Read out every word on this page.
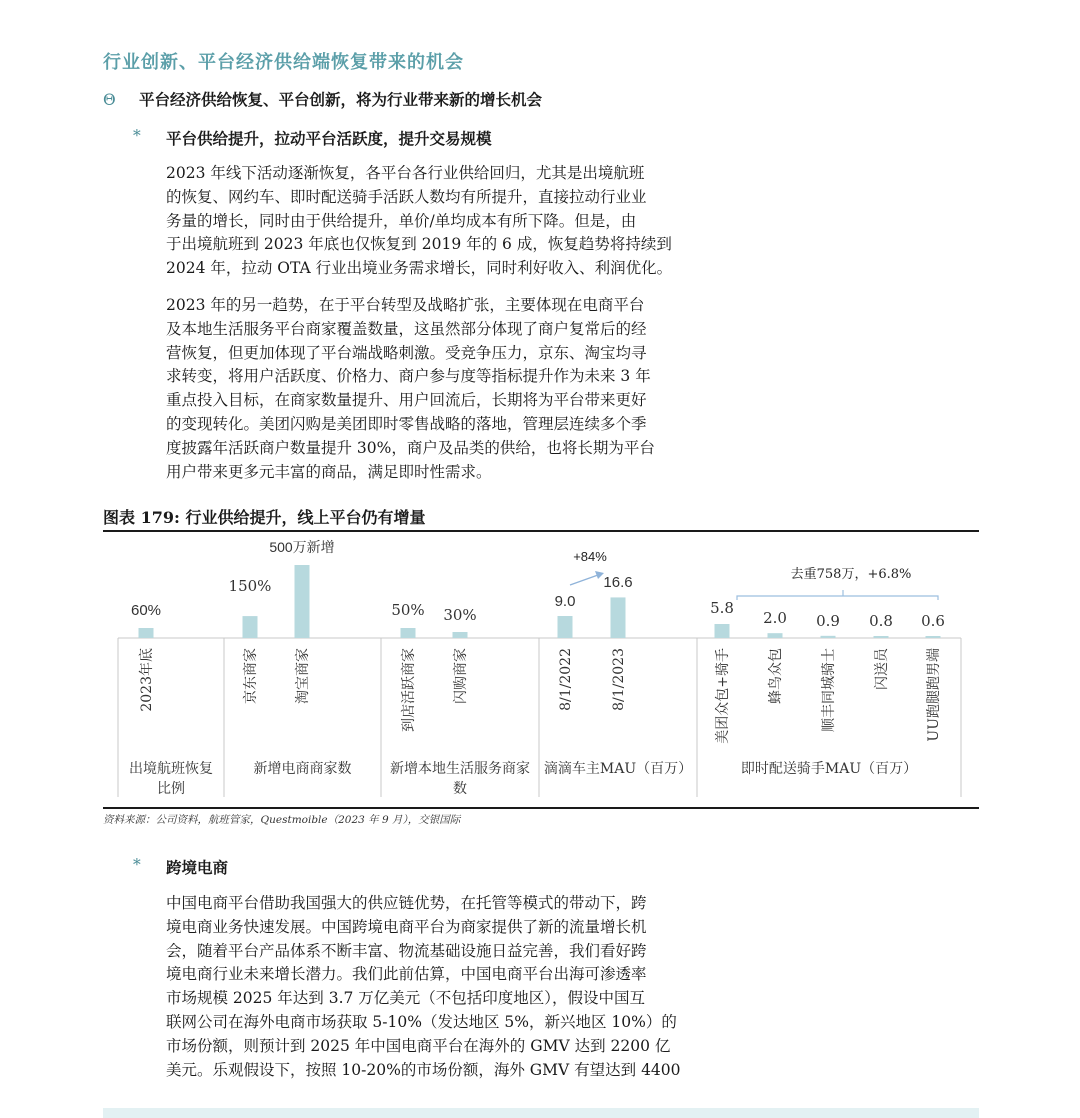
行业创新、平台经济供给端恢复带来的机会
Θ 平台经济供给恢复、平台创新，将为行业带来新的增长机会
* 平台供给提升，拉动平台活跃度，提升交易规模
2023 年线下活动逐渐恢复，各平台各行业供给回归，尤其是出境航班
的恢复、网约车、即时配送骑手活跃人数均有所提升，直接拉动行业业
务量的增长，同时由于供给提升，单价/单均成本有所下降。但是，由
于出境航班到 2023 年底也仅恢复到 2019 年的 6 成，恢复趋势将持续到
2024 年，拉动 OTA 行业出境业务需求增长，同时利好收入、利润优化。
2023 年的另一趋势，在于平台转型及战略扩张，主要体现在电商平台
及本地生活服务平台商家覆盖数量，这虽然部分体现了商户复常后的经
营恢复，但更加体现了平台端战略刺激。受竞争压力，京东、淘宝均寻
求转变，将用户活跃度、价格力、商户参与度等指标提升作为未来 3 年
重点投入目标，在商家数量提升、用户回流后，长期将为平台带来更好
的变现转化。美团闪购是美团即时零售战略的落地，管理层连续多个季
度披露年活跃商户数量提升 30%，商户及品类的供给，也将长期为平台
用户带来更多元丰富的商品，满足即时性需求。
图表 179: 行业供给提升，线上平台仍有增量
60%
2023年底
出境航班恢复
比例
150%
京东商家	淘宝商家
新增电商商家数
50%
到店活跃商家
30%
闪购商家
新增本地生活服务商家
数
9.0
8/1/2022
16.6
8/1/2023
滴滴车主MAU（百万）
5.8
美团众包+骑手
2.0
蜂鸟众包
0.9
顺丰同城骑士
0.8
闪送员
0.6
UU跑腿跑男端
即时配送骑手MAU（百万）
500万新增
+84%
去重758万，+6.8%
资料来源：公司资料，航班管家，Questmoible（2023 年 9 月），交银国际
* 跨境电商
中国电商平台借助我国强大的供应链优势，在托管等模式的带动下，跨
境电商业务快速发展。中国跨境电商平台为商家提供了新的流量增长机
会，随着平台产品体系不断丰富、物流基础设施日益完善，我们看好跨
境电商行业未来增长潜力。我们此前估算，中国电商平台出海可渗透率
市场规模 2025 年达到 3.7 万亿美元（不包括印度地区），假设中国互
联网公司在海外电商市场获取 5-10%（发达地区 5%，新兴地区 10%）的
市场份额，则预计到 2025 年中国电商平台在海外的 GMV 达到 2200 亿
美元。乐观假设下，按照 10-20%的市场份额，海外 GMV 有望达到 4400
